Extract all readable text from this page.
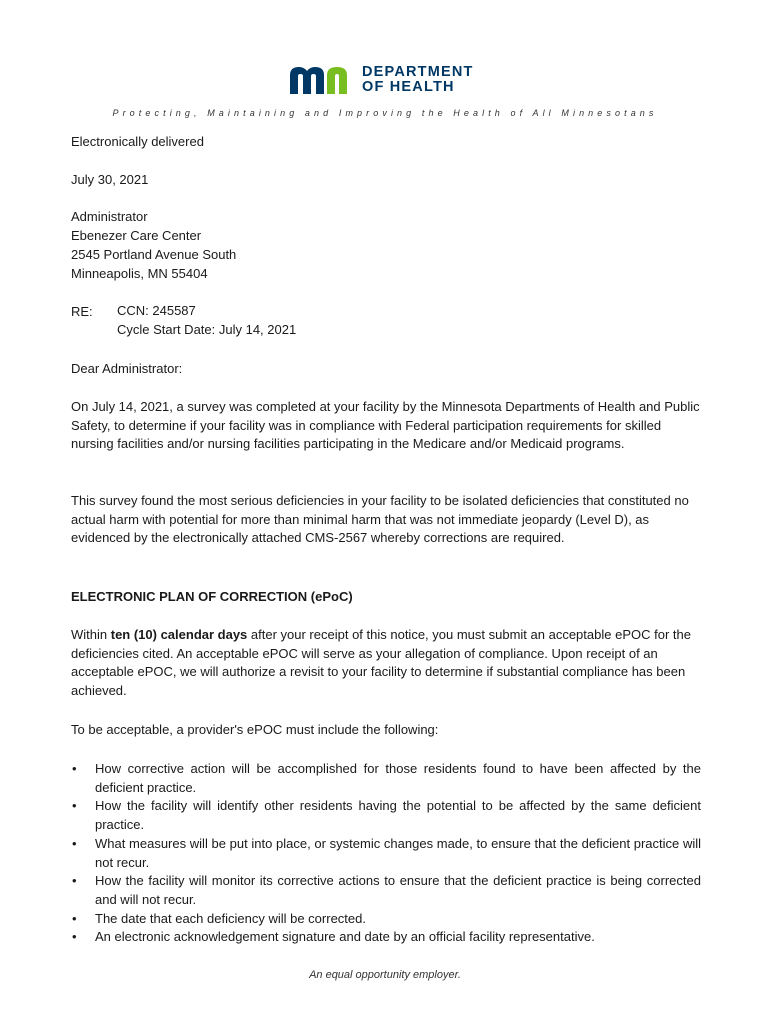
DEPARTMENT
OF HEALTH
Protecting, Maintaining and Improving the Health of All Minnesotans
Electronically delivered
July 30, 2021
Administrator
Ebenezer Care Center
2545 Portland Avenue South
Minneapolis, MN 55404
RE: CCN: 245587
Cycle Start Date: July 14, 2021
Dear Administrator:
On July 14, 2021, a survey was completed at your facility by the Minnesota Departments of Health and Public Safety, to determine if your facility was in compliance with Federal participation requirements for skilled nursing facilities and/or nursing facilities participating in the Medicare and/or Medicaid programs.
This survey found the most serious deficiencies in your facility to be isolated deficiencies that constituted no actual harm with potential for more than minimal harm that was not immediate jeopardy (Level D), as evidenced by the electronically attached CMS-2567 whereby corrections are required.
ELECTRONIC PLAN OF CORRECTION (ePoC)
Within ten (10) calendar days after your receipt of this notice, you must submit an acceptable ePOC for the deficiencies cited. An acceptable ePOC will serve as your allegation of compliance. Upon receipt of an acceptable ePOC, we will authorize a revisit to your facility to determine if substantial compliance has been achieved.
To be acceptable, a provider's ePOC must include the following:
• How corrective action will be accomplished for those residents found to have been affected by the deficient practice.
• How the facility will identify other residents having the potential to be affected by the same deficient practice.
• What measures will be put into place, or systemic changes made, to ensure that the deficient practice will not recur.
• How the facility will monitor its corrective actions to ensure that the deficient practice is being corrected and will not recur.
• The date that each deficiency will be corrected.
• An electronic acknowledgement signature and date by an official facility representative.
An equal opportunity employer.
